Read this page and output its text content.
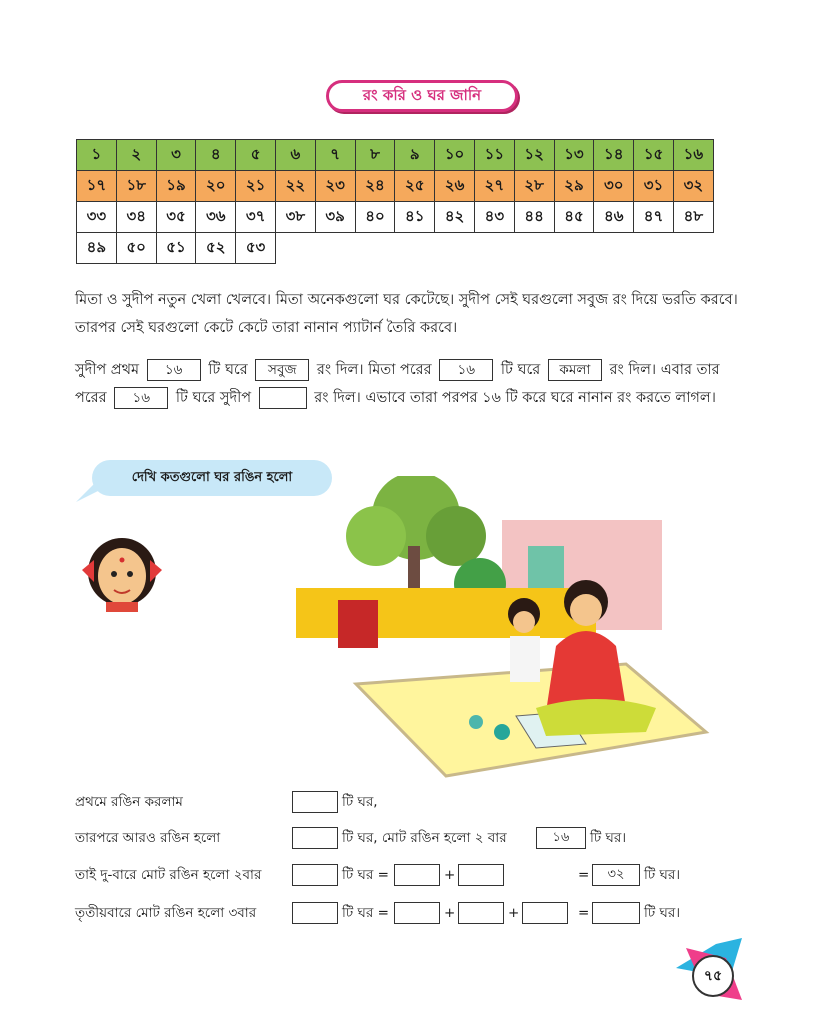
রং করি ও ঘর জানি
১	২	৩	৪	৫	৬	৭	৮	৯	১০	১১	১২	১৩	১৪	১৫	১৬
১৭	১৮	১৯	২০	২১	২২	২৩	২৪	২৫	২৬	২৭	২৮	২৯	৩০	৩১	৩২
৩৩	৩৪	৩৫	৩৬	৩৭	৩৮	৩৯	৪০	৪১	৪২	৪৩	৪৪	৪৫	৪৬	৪৭	৪৮
৪৯	৫০	৫১	৫২	৫৩											
মিতা ও সুদীপ নতুন খেলা খেলবে। মিতা অনেকগুলো ঘর কেটেছে। সুদীপ সেই ঘরগুলো সবুজ রং দিয়ে ভরতি করবে। তারপর সেই ঘরগুলো কেটে কেটে তারা নানান প্যাটার্ন তৈরি করবে।
সুদীপ প্রথম ১৬ টি ঘরে সবুজ রং দিল। মিতা পরের ১৬ টি ঘরে কমলা রং দিল। এবার তার পরের ১৬ টি ঘরে সুদীপ	রং দিল। এভাবে তারা পরপর ১৬ টি করে ঘরে নানান রং করতে লাগল।
দেখি কতগুলো ঘর রঙিন হলো
প্রথমে রঙিন করলাম	টি ঘর,
তারপরে আরও রঙিন হলো	টি ঘর, মোট রঙিন হলো ২ বার	১৬	টি ঘর।
তাই দু-বারে মোট রঙিন হলো ২বার	টি ঘর =	+	=	৩২	টি ঘর।
তৃতীয়বারে মোট রঙিন হলো ৩বার	টি ঘর =	+	+	=	টি ঘর।
৭৫
